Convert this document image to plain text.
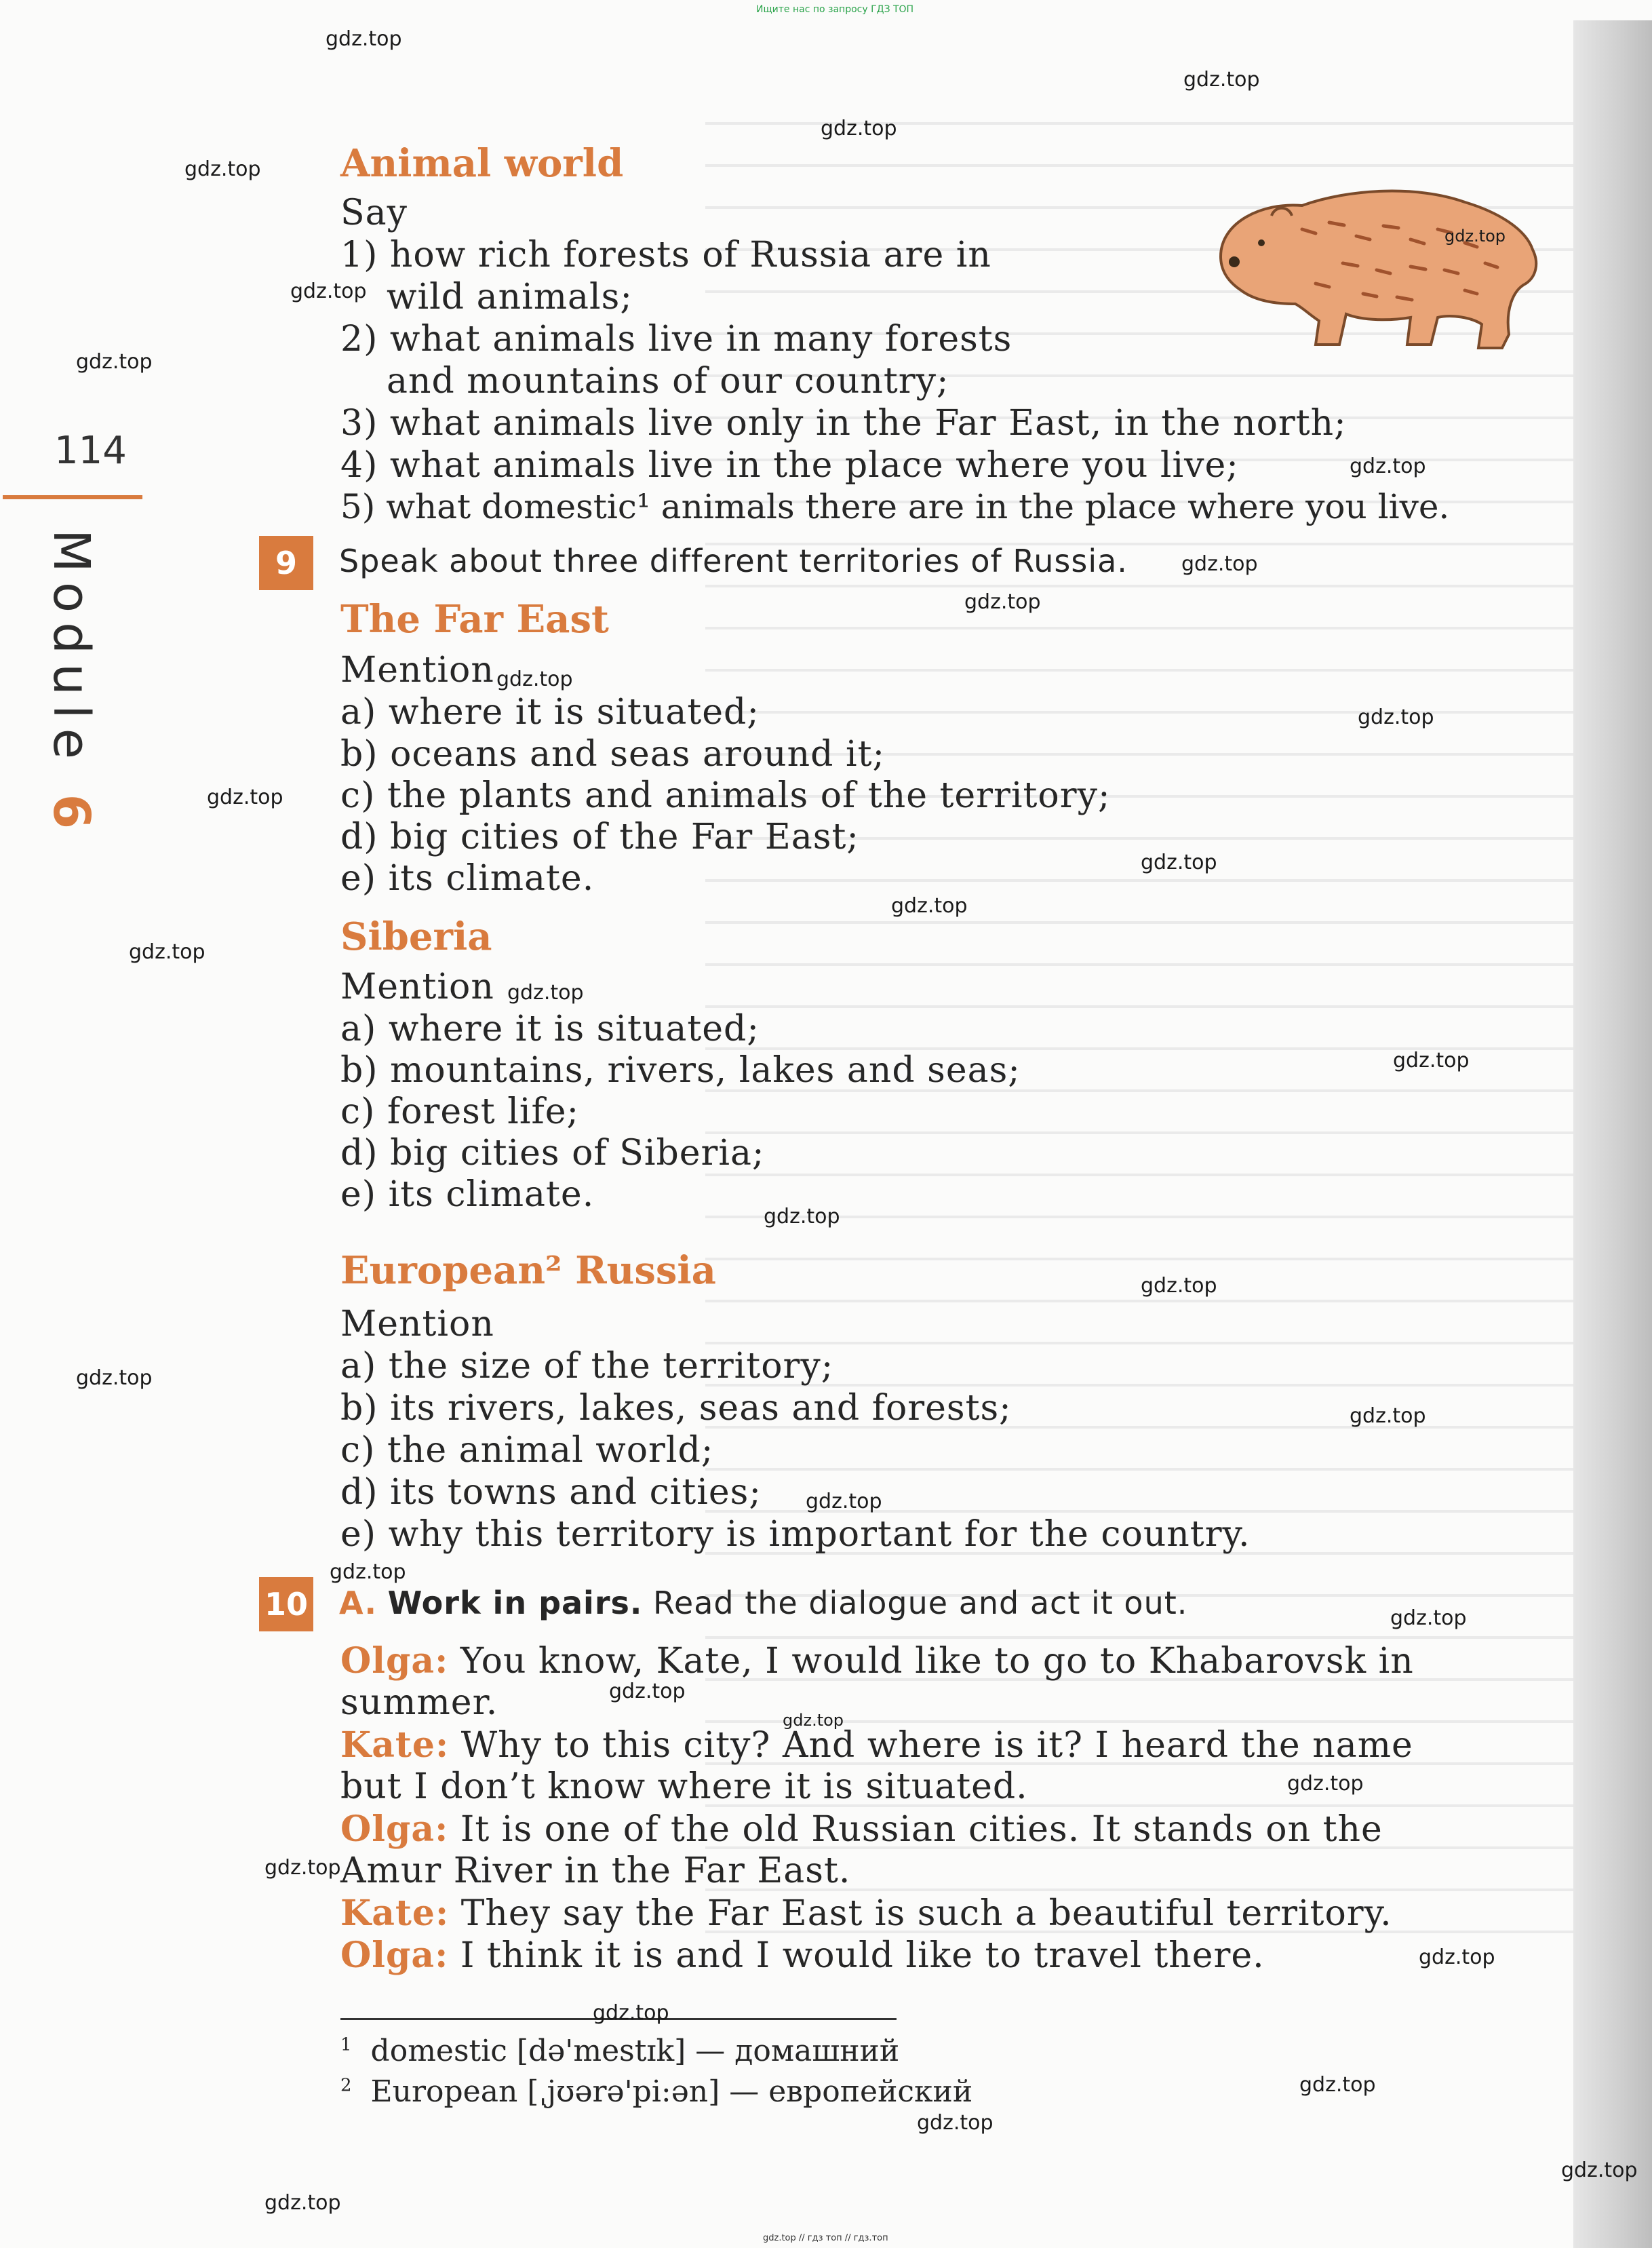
Ищите нас по запросу ГДЗ ТОП
gdz.top // гдз топ // гдз.топ
114
Module 6
Animal world
Say
1) how rich forests of Russia are in
wild animals;
2) what animals live in many forests
and mountains of our country;
3) what animals live only in the Far East, in the north;
4) what animals live in the place where you live;
5) what domestic¹ animals there are in the place where you live.
9	Speak about three different territories of Russia.
The Far East
Mention
a) where it is situated;
b) oceans and seas around it;
c) the plants and animals of the territory;
d) big cities of the Far East;
e) its climate.
Siberia
Mention
a) where it is situated;
b) mountains, rivers, lakes and seas;
c) forest life;
d) big cities of Siberia;
e) its climate.
European² Russia
Mention
a) the size of the territory;
b) its rivers, lakes, seas and forests;
c) the animal world;
d) its towns and cities;
e) why this territory is important for the country.
10 A. Work in pairs. Read the dialogue and act it out.
Olga: You know, Kate, I would like to go to Khabarovsk in
summer.
Kate: Why to this city? And where is it? I heard the name
but I don’t know where it is situated.
Olga: It is one of the old Russian cities. It stands on the
Amur River in the Far East.
Kate: They say the Far East is such a beautiful territory.
Olga: I think it is and I would like to travel there.
$^1$ domestic [də'mestɪk] — домашний
$^2$ European [ˌjʊərə'pi:ən] — европейский
gdz.top
gdz.top
gdz.top
gdz.top
gdz.top
gdz.top
gdz.top
gdz.top
gdz.top
gdz.top
gdz.top
gdz.top
gdz.top
gdz.top
gdz.top
gdz.top
gdz.top
gdz.top
gdz.top
gdz.top
gdz.top
gdz.top
gdz.top
gdz.top
gdz.top
gdz.top
gdz.top
gdz.top
gdz.top
gdz.top
gdz.top
gdz.top
gdz.top
gdz.top
gdz.top
